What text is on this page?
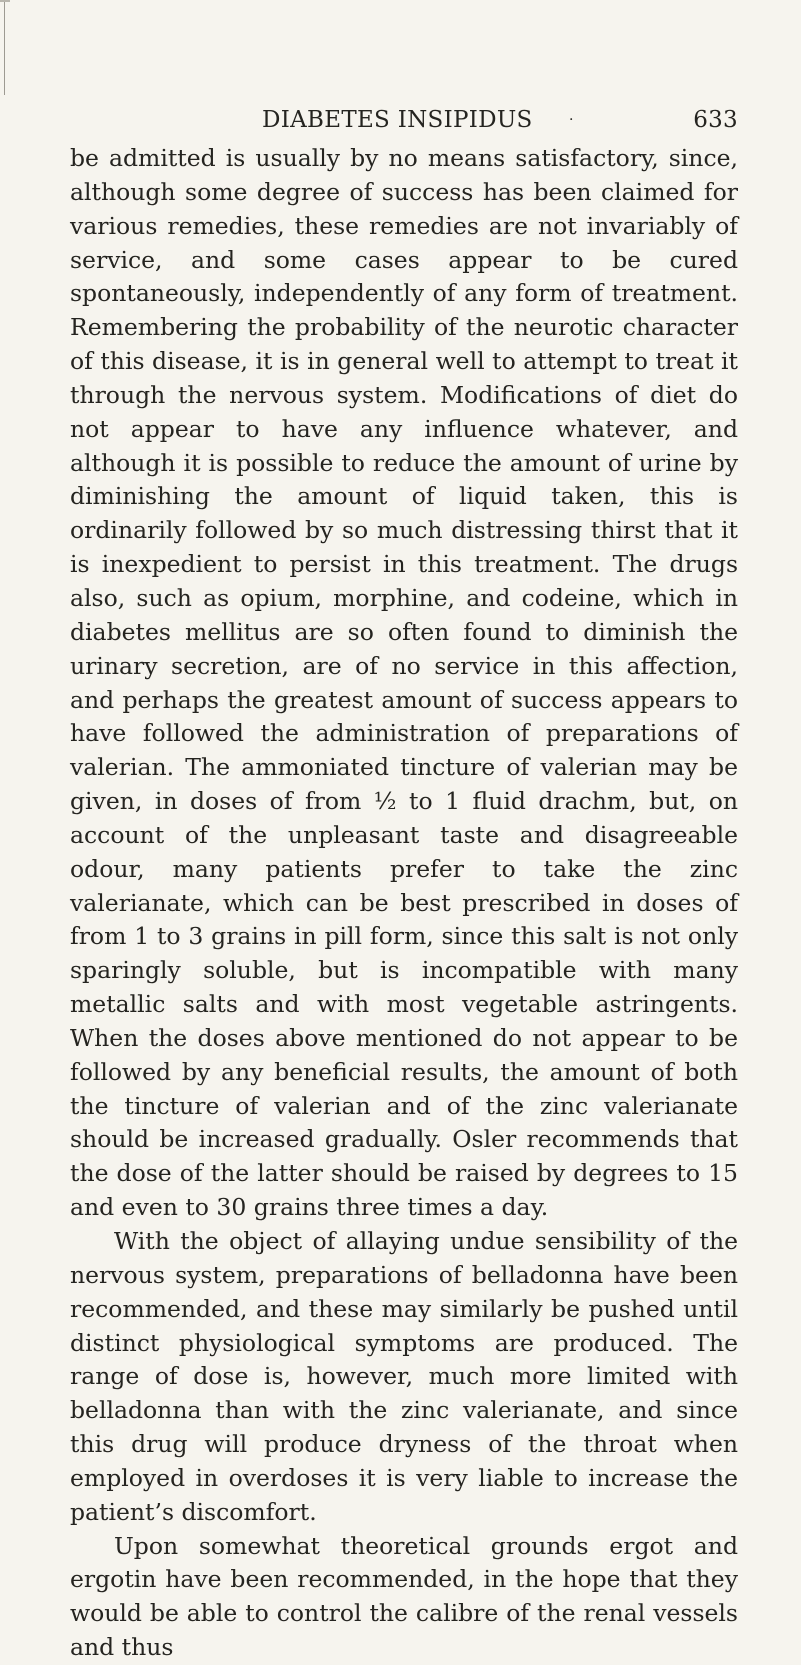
DIABETES INSIPIDUS	·	633

be admitted is usually by no means satisfactory, since, although some degree of success has been claimed for various remedies, these remedies are not invariably of service, and some cases appear to be cured spontaneously, independently of any form of treatment. Remembering the probability of the neurotic character of this disease, it is in general well to attempt to treat it through the nervous system. Modifications of diet do not appear to have any influence whatever, and although it is possible to reduce the amount of urine by diminishing the amount of liquid taken, this is ordinarily followed by so much distressing thirst that it is inexpedient to persist in this treatment. The drugs also, such as opium, morphine, and codeine, which in diabetes mellitus are so often found to diminish the urinary secretion, are of no service in this affection, and perhaps the greatest amount of success appears to have followed the administration of preparations of valerian. The ammoniated tincture of valerian may be given, in doses of from ½ to 1 fluid drachm, but, on account of the unpleasant taste and disagreeable odour, many patients prefer to take the zinc valerianate, which can be best prescribed in doses of from 1 to 3 grains in pill form, since this salt is not only sparingly soluble, but is incompatible with many metallic salts and with most vegetable astringents. When the doses above mentioned do not appear to be followed by any beneficial results, the amount of both the tincture of valerian and of the zinc valerianate should be increased gradually. Osler recommends that the dose of the latter should be raised by degrees to 15 and even to 30 grains three times a day.

With the object of allaying undue sensibility of the nervous system, preparations of belladonna have been recommended, and these may similarly be pushed until distinct physiological symptoms are produced. The range of dose is, however, much more limited with belladonna than with the zinc valerianate, and since this drug will produce dryness of the throat when employed in overdoses it is very liable to increase the patient’s discomfort.

Upon somewhat theoretical grounds ergot and ergotin have been recommended, in the hope that they would be able to control the calibre of the renal vessels and thus
